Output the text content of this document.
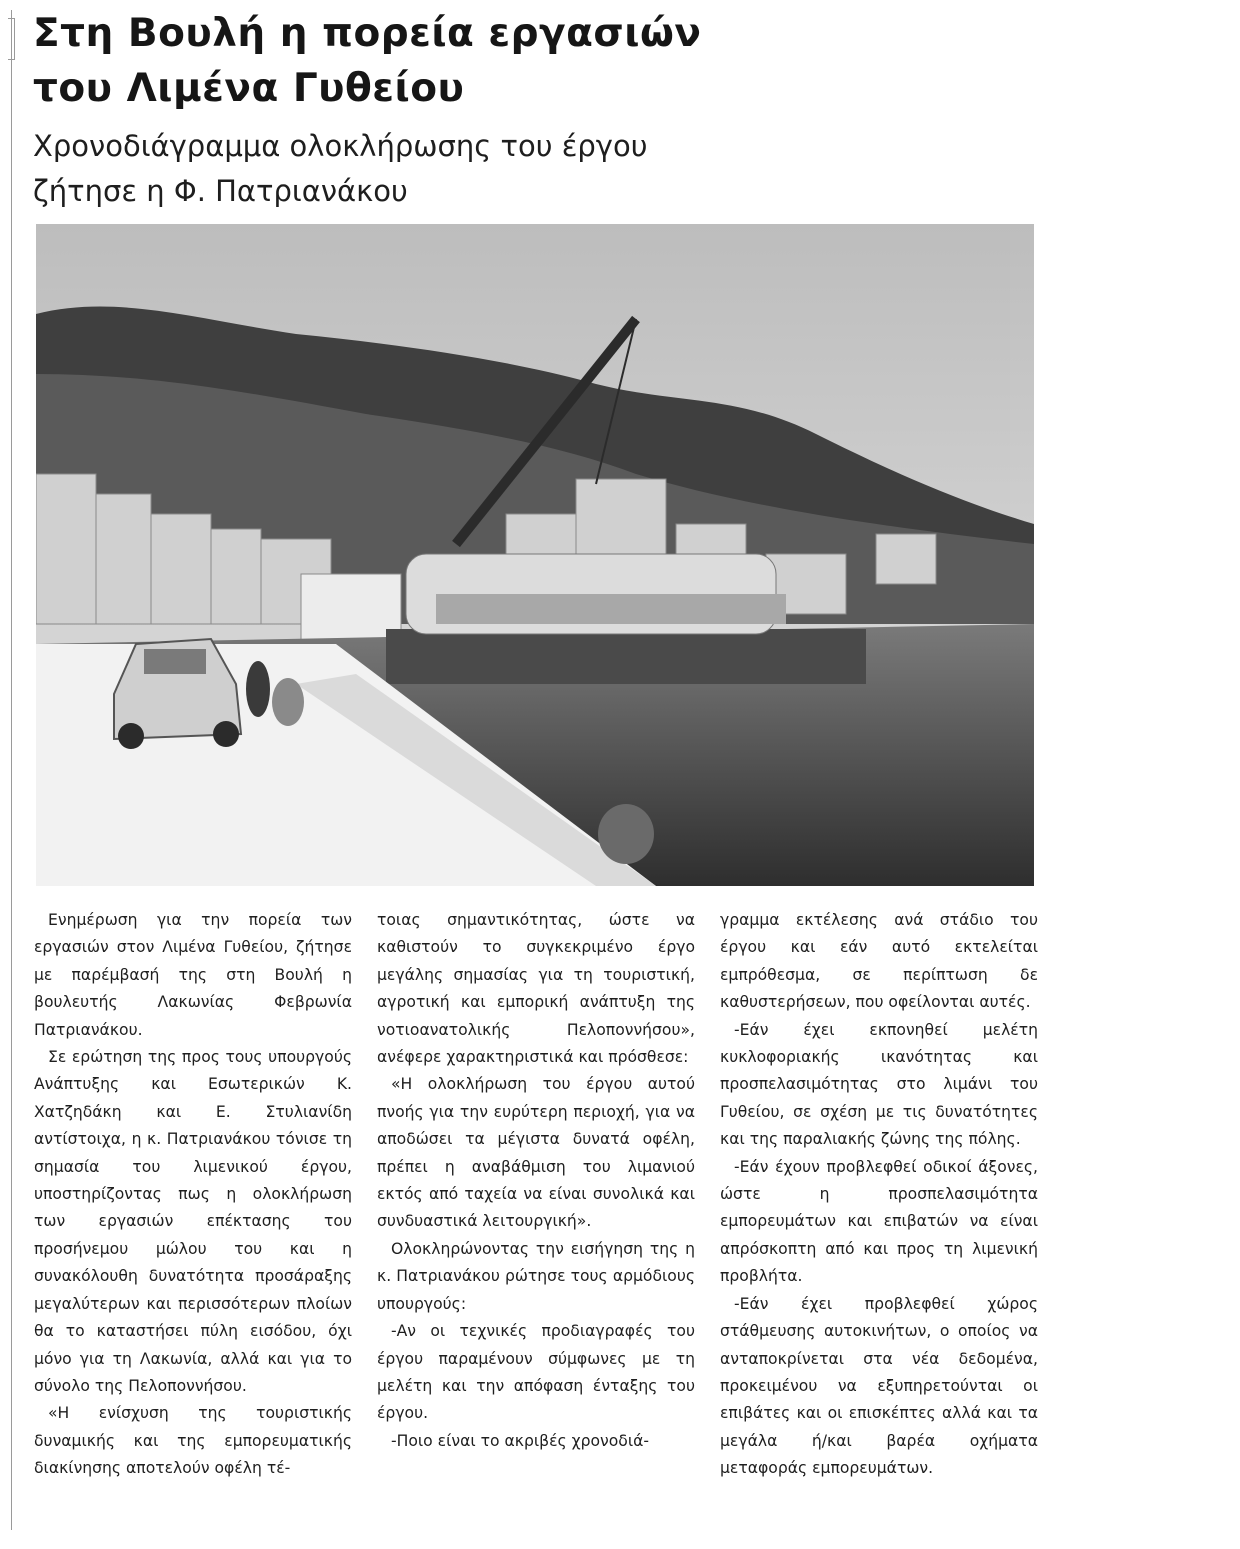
Στη Βουλή η πορεία εργασιών
του Λιμένα Γυθείου
Χρονοδιάγραμμα ολοκλήρωσης του έργου
ζήτησε η Φ. Πατριανάκου

Ενημέρωση για την πορεία των εργασιών στον Λιμένα Γυθείου, ζήτησε με παρέμβασή της στη Βουλή η βουλευτής Λακωνίας Φεβρωνία Πατριανάκου.

Σε ερώτηση της προς τους υπουργούς Ανάπτυξης και Εσωτερικών Κ. Χατζηδάκη και Ε. Στυλιανίδη αντίστοιχα, η κ. Πατριανάκου τόνισε τη σημασία του λιμενικού έργου, υποστηρίζοντας πως η ολοκλήρωση των εργασιών επέκτασης του προσήνεμου μώλου του και η συνακόλουθη δυνατότητα προσάραξης μεγαλύτερων και περισσότερων πλοίων θα το καταστήσει πύλη εισόδου, όχι μόνο για τη Λακωνία, αλλά και για το σύνολο της Πελοποννήσου.

«Η ενίσχυση της τουριστικής δυναμικής και της εμπορευματικής διακίνησης αποτελούν οφέλη τέ-

τοιας σημαντικότητας, ώστε να καθιστούν το συγκεκριμένο έργο μεγάλης σημασίας για τη τουριστική, αγροτική και εμπορική ανάπτυξη της νοτιοανατολικής Πελοποννήσου», ανέφερε χαρακτηριστικά και πρόσθεσε:

«Η ολοκλήρωση του έργου αυτού πνοής για την ευρύτερη περιοχή, για να αποδώσει τα μέγιστα δυνατά οφέλη, πρέπει η αναβάθμιση του λιμανιού εκτός από ταχεία να είναι συνολικά και συνδυαστικά λειτουργική».

Ολοκληρώνοντας την εισήγηση της η κ. Πατριανάκου ρώτησε τους αρμόδιους υπουργούς:

-Αν οι τεχνικές προδιαγραφές του έργου παραμένουν σύμφωνες με τη μελέτη και την απόφαση ένταξης του έργου.

-Ποιο είναι το ακριβές χρονοδιά-

γραμμα εκτέλεσης ανά στάδιο του έργου και εάν αυτό εκτελείται εμπρόθεσμα, σε περίπτωση δε καθυστερήσεων, που οφείλονται αυτές.

-Εάν έχει εκπονηθεί μελέτη κυκλοφοριακής ικανότητας και προσπελασιμότητας στο λιμάνι του Γυθείου, σε σχέση με τις δυνατότητες και της παραλιακής ζώνης της πόλης.

-Εάν έχουν προβλεφθεί οδικοί άξονες, ώστε η προσπελασιμότητα εμπορευμάτων και επιβατών να είναι απρόσκοπτη από και προς τη λιμενική προβλήτα.

-Εάν έχει προβλεφθεί χώρος στάθμευσης αυτοκινήτων, ο οποίος να ανταποκρίνεται στα νέα δεδομένα, προκειμένου να εξυπηρετούνται οι επιβάτες και οι επισκέπτες αλλά και τα μεγάλα ή/και βαρέα οχήματα μεταφοράς εμπορευμάτων.
